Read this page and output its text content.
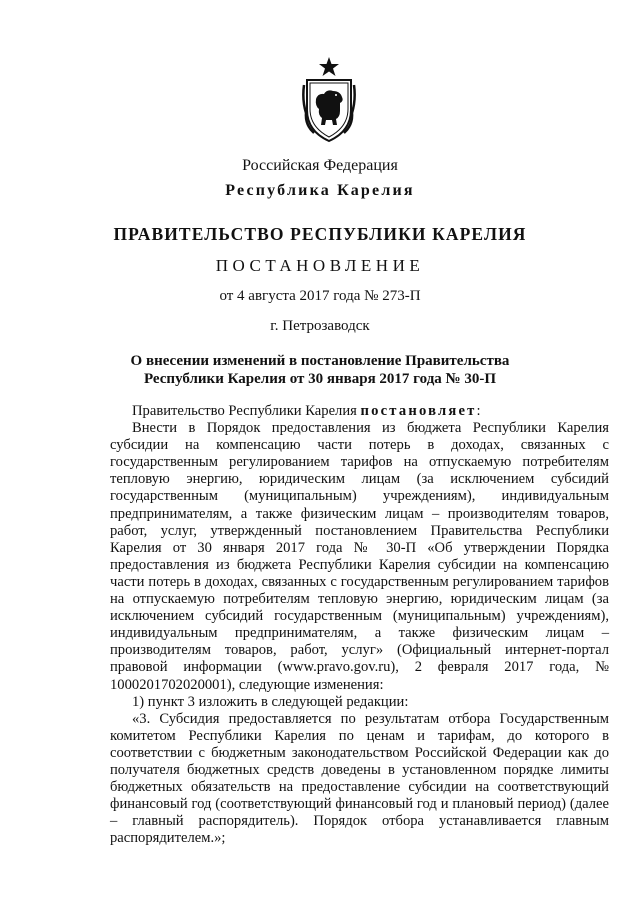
Российская Федерация
Республика Карелия
ПРАВИТЕЛЬСТВО РЕСПУБЛИКИ КАРЕЛИЯ
ПОСТАНОВЛЕНИЕ
от 4 августа 2017 года № 273-П
г. Петрозаводск
О внесении изменений в постановление Правительства
Республики Карелия от 30 января 2017 года № 30-П

Правительство Республики Карелия постановляет:

Внести в Порядок предоставления из бюджета Республики Карелия субсидии на компенсацию части потерь в доходах, связанных с государственным регулированием тарифов на отпускаемую потребителям тепловую энергию, юридическим лицам (за исключением субсидий государственным (муниципальным) учреждениям), индивидуальным предпринимателям, а также физическим лицам – производителям товаров, работ, услуг, утвержденный постановлением Правительства Республики Карелия от 30 января 2017 года № 30-П «Об утверждении Порядка предоставления из бюджета Республики Карелия субсидии на компенсацию части потерь в доходах, связанных с государственным регулированием тарифов на отпускаемую потребителям тепловую энергию, юридическим лицам (за исключением субсидий государственным (муниципальным) учреждениям), индивидуальным предпринимателям, а также физическим лицам – производителям товаров, работ, услуг» (Официальный интернет-портал правовой информации (www.pravo.gov.ru), 2 февраля 2017 года, № 1000201702020001), следующие изменения:

1) пункт 3 изложить в следующей редакции:

«3. Субсидия предоставляется по результатам отбора Государственным комитетом Республики Карелия по ценам и тарифам, до которого в соответствии с бюджетным законодательством Российской Федерации как до получателя бюджетных средств доведены в установленном порядке лимиты бюджетных обязательств на предоставление субсидии на соответствующий финансовый год (соответствующий финансовый год и плановый период) (далее – главный распорядитель). Порядок отбора устанавливается главным распорядителем.»;
